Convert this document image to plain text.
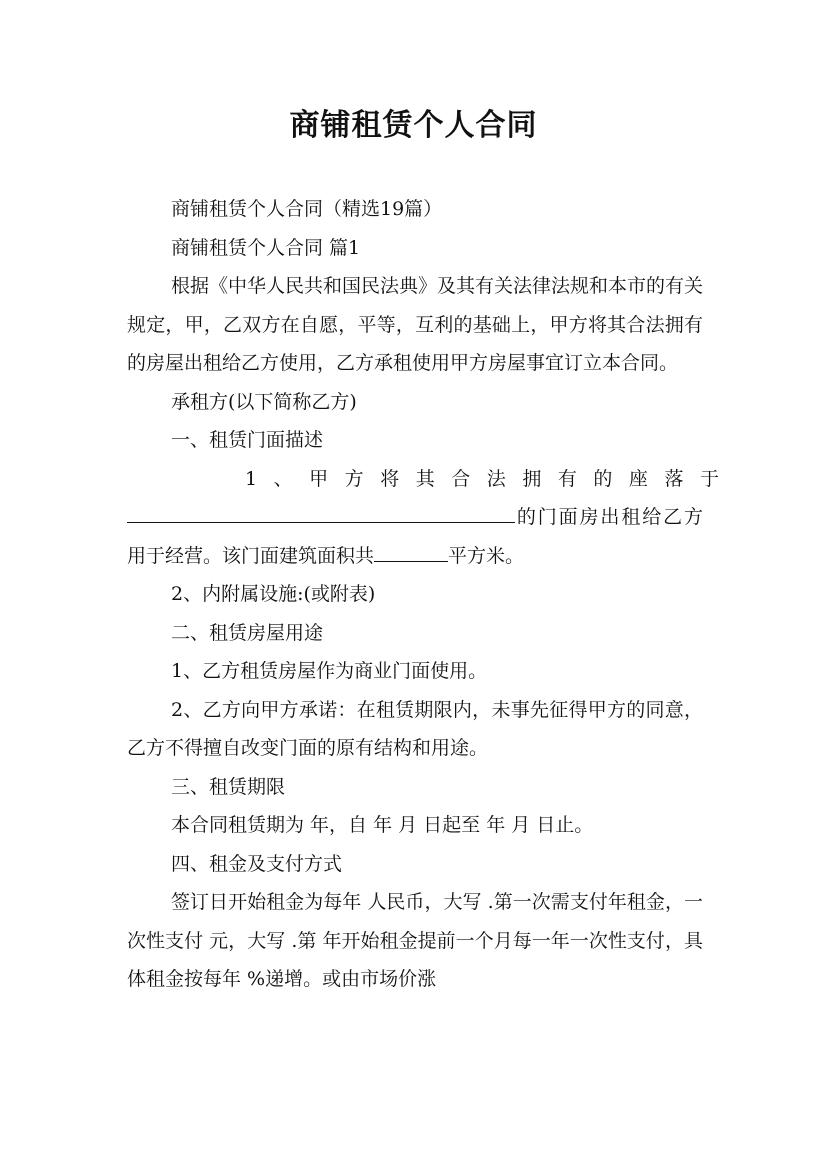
商铺租赁个人合同

商铺租赁个人合同（精选19篇）

商铺租赁个人合同 篇1

根据《中华人民共和国民法典》及其有关法律法规和本市的有关规定，甲，乙双方在自愿，平等，互利的基础上，甲方将其合法拥有的房屋出租给乙方使用，乙方承租使用甲方房屋事宜订立本合同。

承租方(以下简称乙方)

一、租赁门面描述

1、甲方将其合法拥有的座落于的门面房出租给乙方用于经营。该门面建筑面积共	平方米。

2、内附属设施:(或附表)

二、租赁房屋用途

1、乙方租赁房屋作为商业门面使用。

2、乙方向甲方承诺：在租赁期限内，未事先征得甲方的同意，乙方不得擅自改变门面的原有结构和用途。

三、租赁期限

本合同租赁期为 年，自 年 月 日起至 年 月 日止。

四、租金及支付方式

签订日开始租金为每年 人民币，大写 .第一次需支付年租金，一次性支付 元，大写 .第 年开始租金提前一个月每一年一次性支付，具体租金按每年 %递增。或由市场价涨
